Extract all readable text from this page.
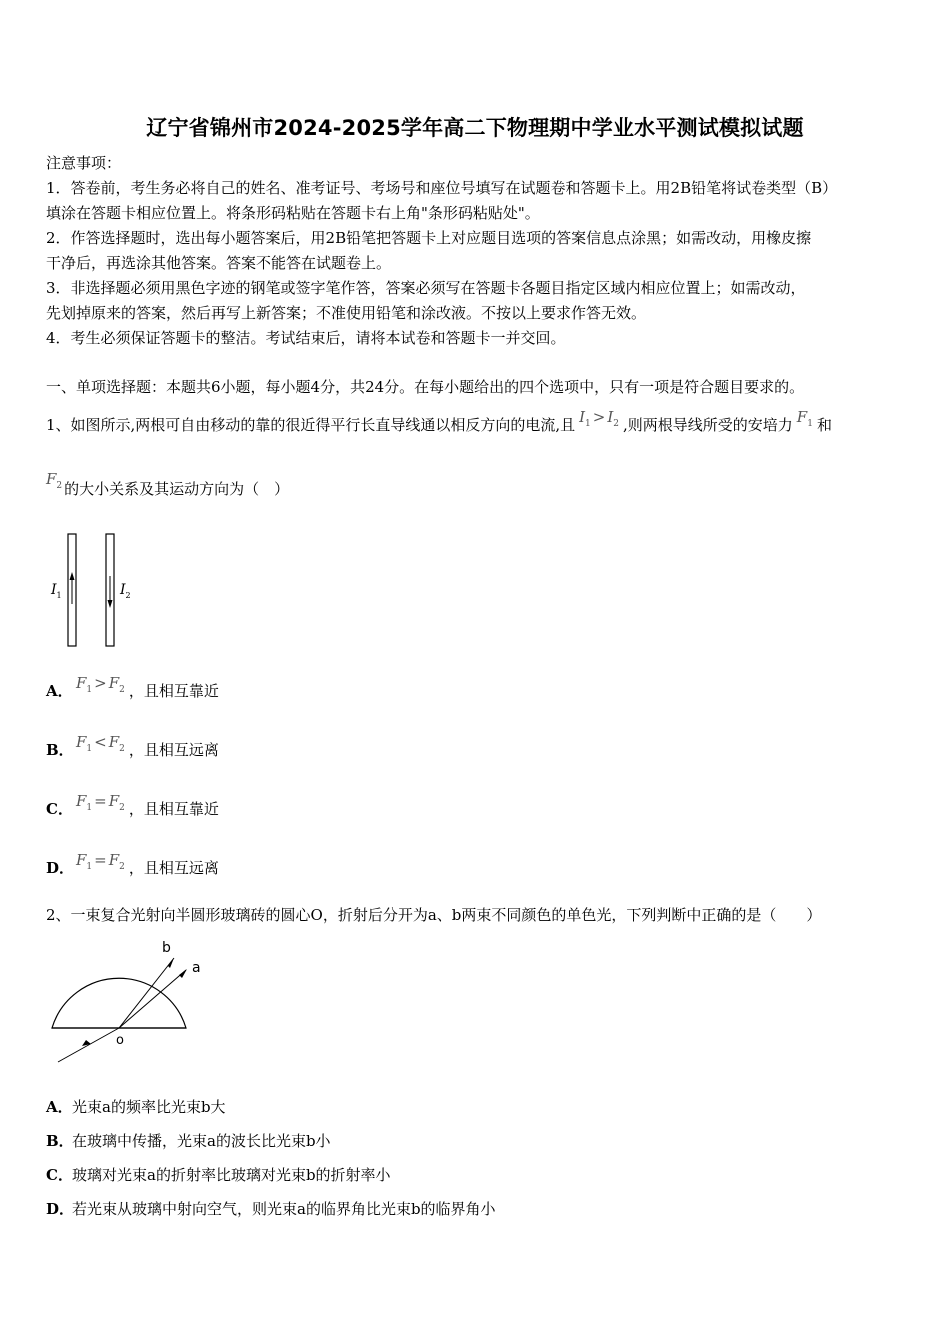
辽宁省锦州市2024-2025学年高二下物理期中学业水平测试模拟试题
注意事项：
1．答卷前，考生务必将自己的姓名、准考证号、考场号和座位号填写在试题卷和答题卡上。用2B铅笔将试卷类型（B）
填涂在答题卡相应位置上。将条形码粘贴在答题卡右上角"条形码粘贴处"。
2．作答选择题时，选出每小题答案后，用2B铅笔把答题卡上对应题目选项的答案信息点涂黑；如需改动，用橡皮擦
干净后，再选涂其他答案。答案不能答在试题卷上。
3．非选择题必须用黑色字迹的钢笔或签字笔作答，答案必须写在答题卡各题目指定区域内相应位置上；如需改动，
先划掉原来的答案，然后再写上新答案；不准使用铅笔和涂改液。不按以上要求作答无效。
4．考生必须保证答题卡的整洁。考试结束后，请将本试卷和答题卡一并交回。
一、单项选择题：本题共6小题，每小题4分，共24分。在每小题给出的四个选项中，只有一项是符合题目要求的。
1、如图所示,两根可自由移动的靠的很近得平行长直导线通以相反方向的电流,且 $I_1 > I_2$ ,则两根导线所受的安培力 $F_1$ 和
$F_2$ 的大小关系及其运动方向为（　）
$I_1$	$I_2$
A． $F_1 > F_2$ ，且相互靠近
B． $F_1 < F_2$ ，且相互远离
C． $F_1 = F_2$ ，且相互靠近
D． $F_1 = F_2$ ，且相互远离
2、一束复合光射向半圆形玻璃砖的圆心O，折射后分开为a、b两束不同颜色的单色光，下列判断中正确的是（　　）
b
a
o
A．光束a的频率比光束b大
B．在玻璃中传播，光束a的波长比光束b小
C．玻璃对光束a的折射率比玻璃对光束b的折射率小
D．若光束从玻璃中射向空气，则光束a的临界角比光束b的临界角小
